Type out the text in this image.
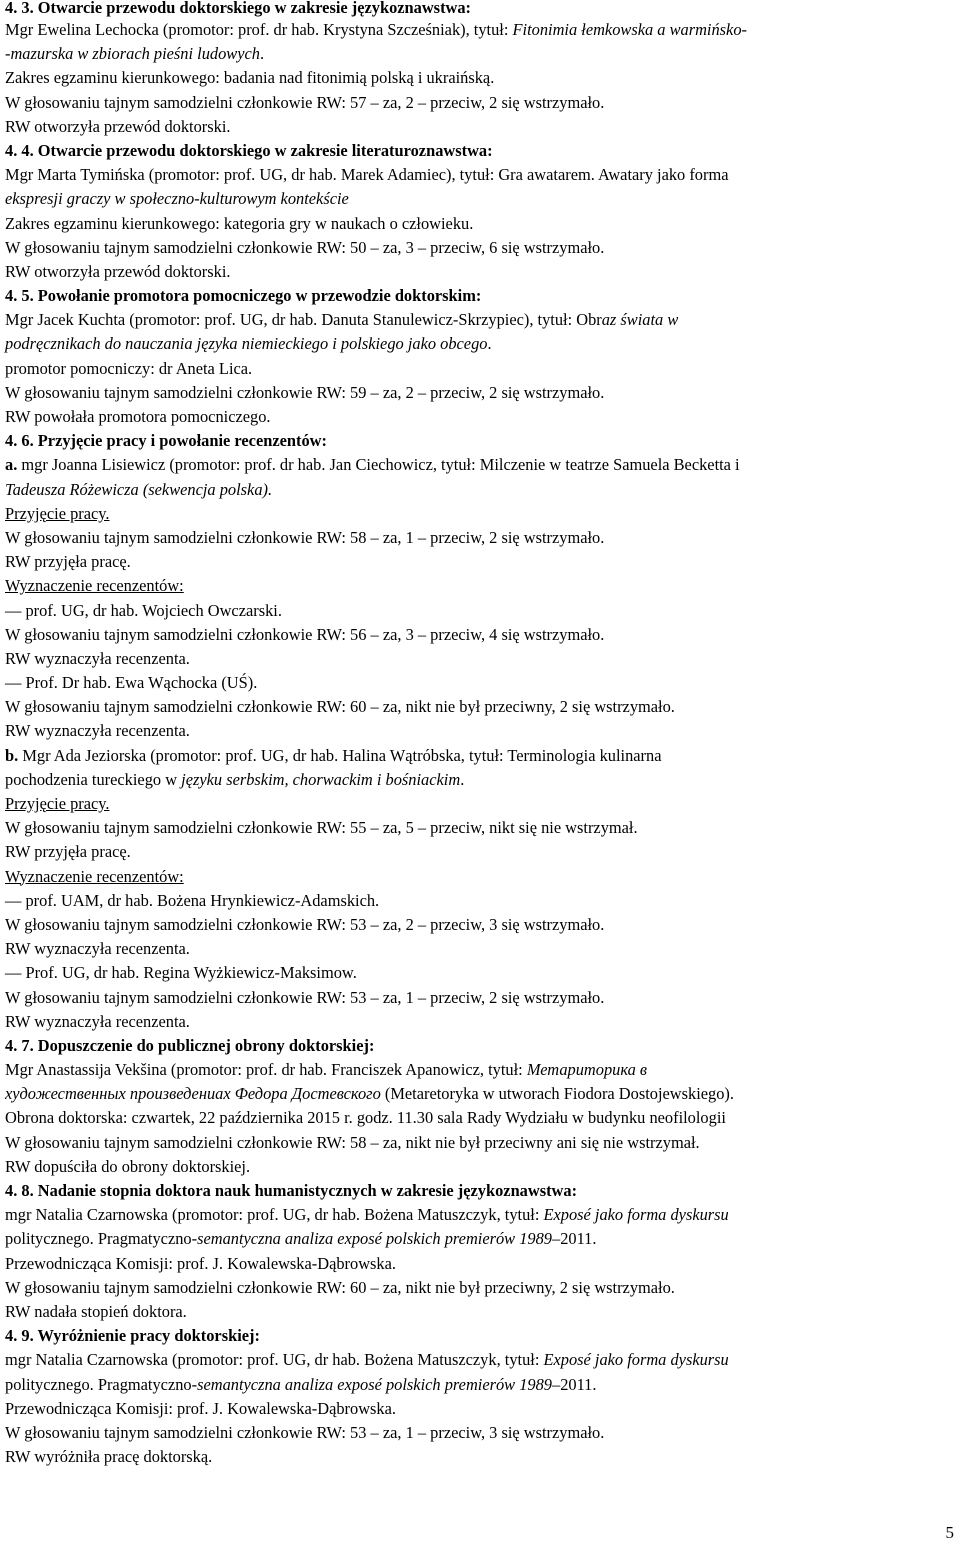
4. 3. Otwarcie przewodu doktorskiego w zakresie językoznawstwa:
Mgr Ewelina Lechocka (promotor: prof. dr hab. Krystyna Szcześniak), tytuł: Fitonimia łemkowska a warmińsko-
-mazurska w zbiorach pieśni ludowych.
Zakres egzaminu kierunkowego: badania nad fitonimią polską i ukraińską.
W głosowaniu tajnym samodzielni członkowie RW: 57 – za, 2 – przeciw, 2 się wstrzymało.
RW otworzyła przewód doktorski.
4. 4. Otwarcie przewodu doktorskiego w zakresie literaturoznawstwa:
Mgr Marta Tymińska (promotor: prof. UG, dr hab. Marek Adamiec), tytuł: Gra awatarem. Awatary jako forma
ekspresji graczy w społeczno-kulturowym kontekście
Zakres egzaminu kierunkowego: kategoria gry w naukach o człowieku.
W głosowaniu tajnym samodzielni członkowie RW: 50 – za, 3 – przeciw, 6 się wstrzymało.
RW otworzyła przewód doktorski.
4. 5. Powołanie promotora pomocniczego w przewodzie doktorskim:
Mgr Jacek Kuchta (promotor: prof. UG, dr hab. Danuta Stanulewicz-Skrzypiec), tytuł: Obraz świata w
podręcznikach do nauczania języka niemieckiego i polskiego jako obcego.
promotor pomocniczy: dr Aneta Lica.
W głosowaniu tajnym samodzielni członkowie RW: 59 – za, 2 – przeciw, 2 się wstrzymało.
RW powołała promotora pomocniczego.
4. 6. Przyjęcie pracy i powołanie recenzentów:
a. mgr Joanna Lisiewicz (promotor: prof. dr hab. Jan Ciechowicz, tytuł: Milczenie w teatrze Samuela Becketta i
Tadeusza Różewicza (sekwencja polska).
Przyjęcie pracy.
W głosowaniu tajnym samodzielni członkowie RW: 58 – za, 1 – przeciw, 2 się wstrzymało.
RW przyjęła pracę.
Wyznaczenie recenzentów:
— prof. UG, dr hab. Wojciech Owczarski.
W głosowaniu tajnym samodzielni członkowie RW: 56 – za, 3 – przeciw, 4 się wstrzymało.
RW wyznaczyła recenzenta.
— Prof. Dr hab. Ewa Wąchocka (UŚ).
W głosowaniu tajnym samodzielni członkowie RW: 60 – za, nikt nie był przeciwny, 2 się wstrzymało.
RW wyznaczyła recenzenta.
b. Mgr Ada Jeziorska (promotor: prof. UG, dr hab. Halina Wątróbska, tytuł: Terminologia kulinarna
pochodzenia tureckiego w języku serbskim, chorwackim i bośniackim.
Przyjęcie pracy.
W głosowaniu tajnym samodzielni członkowie RW: 55 – za, 5 – przeciw, nikt się nie wstrzymał.
RW przyjęła pracę.
Wyznaczenie recenzentów:
— prof. UAM, dr hab. Bożena Hrynkiewicz-Adamskich.
W głosowaniu tajnym samodzielni członkowie RW: 53 – za, 2 – przeciw, 3 się wstrzymało.
RW wyznaczyła recenzenta.
— Prof. UG, dr hab. Regina Wyżkiewicz-Maksimow.
W głosowaniu tajnym samodzielni członkowie RW: 53 – za, 1 – przeciw, 2 się wstrzymało.
RW wyznaczyła recenzenta.
4. 7. Dopuszczenie do publicznej obrony doktorskiej:
Mgr Anastassija Vekšina (promotor: prof. dr hab. Franciszek Apanowicz, tytuł: Метариторика в
художественных произведениах Федора Достевского (Metaretoryka w utworach Fiodora Dostojewskiego).
Obrona doktorska: czwartek, 22 października 2015 r. godz. 11.30 sala Rady Wydziału w budynku neofilologii
W głosowaniu tajnym samodzielni członkowie RW: 58 – za, nikt nie był przeciwny ani się nie wstrzymał.
RW dopuściła do obrony doktorskiej.
4. 8. Nadanie stopnia doktora nauk humanistycznych w zakresie językoznawstwa:
mgr Natalia Czarnowska (promotor: prof. UG, dr hab. Bożena Matuszczyk, tytuł: Exposé jako forma dyskursu
politycznego. Pragmatyczno-semantyczna analiza exposé polskich premierów 1989–2011.
Przewodnicząca Komisji: prof. J. Kowalewska-Dąbrowska.
W głosowaniu tajnym samodzielni członkowie RW: 60 – za, nikt nie był przeciwny, 2 się wstrzymało.
RW nadała stopień doktora.
4. 9. Wyróżnienie pracy doktorskiej:
mgr Natalia Czarnowska (promotor: prof. UG, dr hab. Bożena Matuszczyk, tytuł: Exposé jako forma dyskursu
politycznego. Pragmatyczno-semantyczna analiza exposé polskich premierów 1989–2011.
Przewodnicząca Komisji: prof. J. Kowalewska-Dąbrowska.
W głosowaniu tajnym samodzielni członkowie RW: 53 – za, 1 – przeciw, 3 się wstrzymało.
RW wyróżniła pracę doktorską.
5
